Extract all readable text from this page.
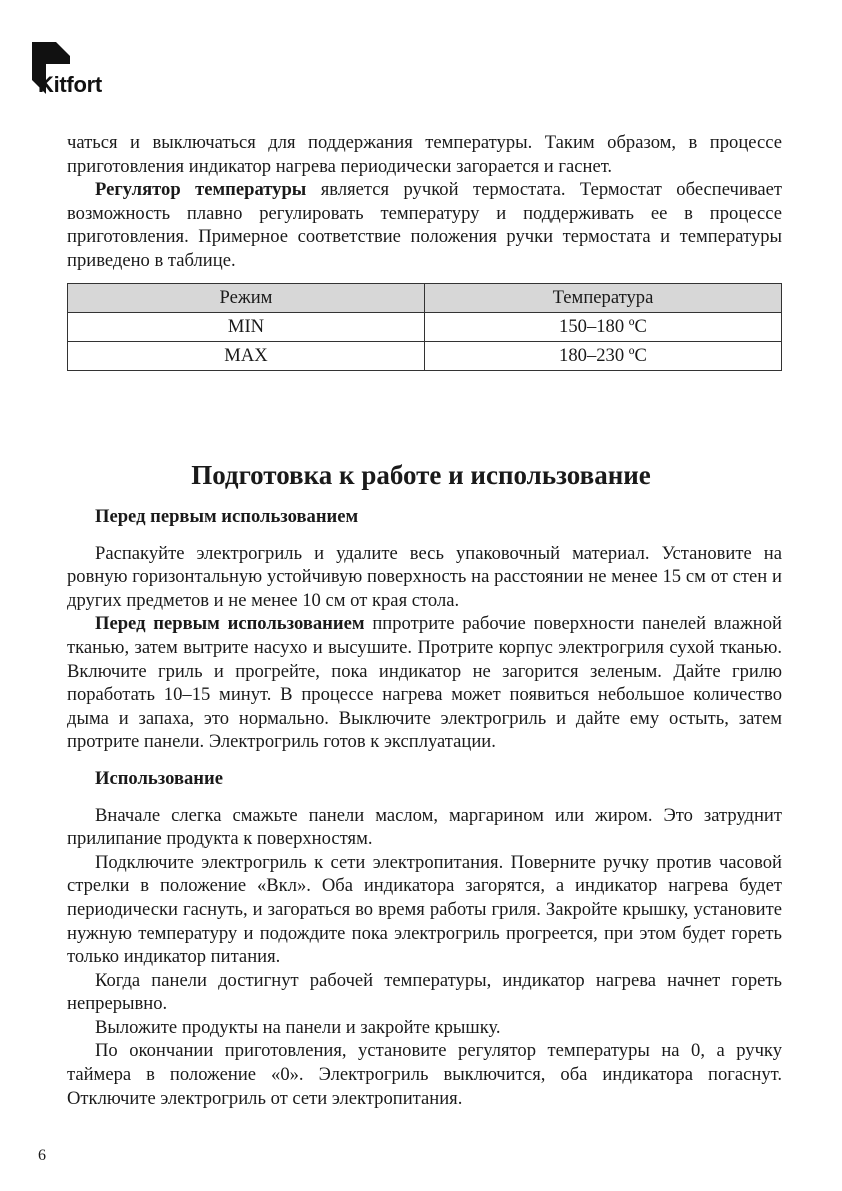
Kitfort

чаться и выключаться для поддержания температуры. Таким образом, в процессе приготовления индикатор нагрева периодически загорается и гаснет.

Регулятор температуры является ручкой термостата. Термостат обеспечивает возможность плавно регулировать температуру и поддерживать ее в процессе приготовления. Примерное соответствие положения ручки термостата и температуры приведено в таблице.

Режим	Температура
MIN	150–180 ºС
MAX	180–230 ºС
Подготовка к работе и использование

Перед первым использованием

Распакуйте электрогриль и удалите весь упаковочный материал. Установите на ровную горизонтальную устойчивую поверхность на расстоянии не менее 15 см от стен и других предметов и не менее 10 см от края стола.

Перед первым использованием ппротрите рабочие поверхности панелей влажной тканью, затем вытрите насухо и высушите. Протрите корпус электрогриля сухой тканью. Включите гриль и прогрейте, пока индикатор не загорится зеленым. Дайте грилю поработать 10–15 минут. В процессе нагрева может появиться небольшое количество дыма и запаха, это нормально. Выключите электрогриль и дайте ему остыть, затем протрите панели. Электрогриль готов к эксплуатации.

Использование

Вначале слегка смажьте панели маслом, маргарином или жиром. Это затруднит прилипание продукта к поверхностям.

Подключите электрогриль к сети электропитания. Поверните ручку против часовой стрелки в положение «Вкл». Оба индикатора загорятся, а индикатор нагрева будет периодически гаснуть, и загораться во время работы гриля. Закройте крышку, установите нужную температуру и подождите пока электрогриль прогреется, при этом будет гореть только индикатор питания.

Когда панели достигнут рабочей температуры, индикатор нагрева начнет гореть непрерывно.

Выложите продукты на панели и закройте крышку.

По окончании приготовления, установите регулятор температуры на 0, а ручку таймера в положение «0». Электрогриль выключится, оба индикатора погаснут. Отключите электрогриль от сети электропитания.

6
